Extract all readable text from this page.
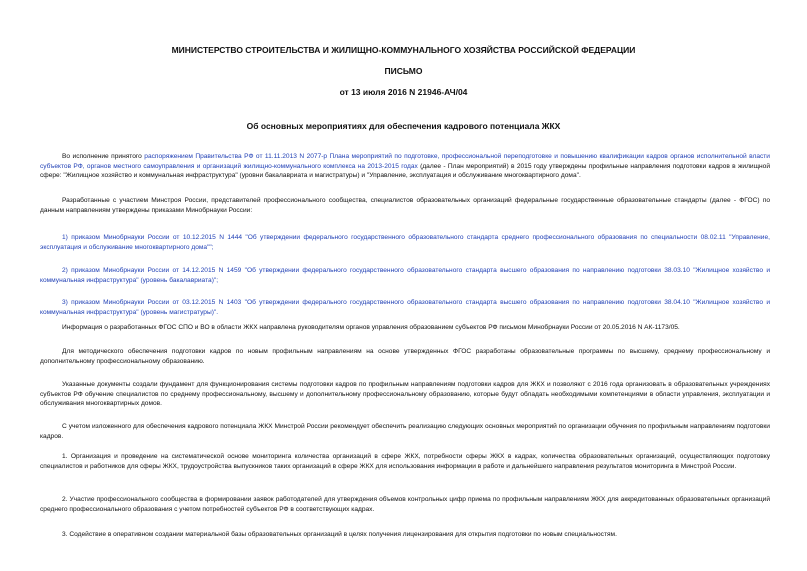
МИНИСТЕРСТВО СТРОИТЕЛЬСТВА И ЖИЛИЩНО-КОММУНАЛЬНОГО ХОЗЯЙСТВА РОССИЙСКОЙ ФЕДЕРАЦИИ
ПИСЬМО
от 13 июля 2016 N 21946-АЧ/04
Об основных мероприятиях для обеспечения кадрового потенциала ЖКХ
Во исполнение принятого распоряжением Правительства РФ от 11.11.2013 N 2077-р Плана мероприятий по подготовке, профессиональной переподготовке и повышению квалификации кадров органов исполнительной власти субъектов РФ, органов местного самоуправления и организаций жилищно-коммунального комплекса на 2013-2015 годах (далее - План мероприятий) в 2015 году утверждены профильные направления подготовки кадров в жилищной сфере: "Жилищное хозяйство и коммунальная инфраструктура" (уровни бакалавриата и магистратуры) и "Управление, эксплуатация и обслуживание многоквартирного дома".
Разработанные с участием Минстроя России, представителей профессионального сообщества, специалистов образовательных организаций федеральные государственные образовательные стандарты (далее - ФГОС) по данным направлениям утверждены приказами Минобрнауки России:
1) приказом Минобрнауки России от 10.12.2015 N 1444 "Об утверждении федерального государственного образовательного стандарта среднего профессионального образования по специальности 08.02.11 "Управление, эксплуатация и обслуживание многоквартирного дома"";
2) приказом Минобрнауки России от 14.12.2015 N 1459 "Об утверждении федерального государственного образовательного стандарта высшего образования по направлению подготовки 38.03.10 "Жилищное хозяйство и коммунальная инфраструктура" (уровень бакалавриата)";
3) приказом Минобрнауки России от 03.12.2015 N 1403 "Об утверждении федерального государственного образовательного стандарта высшего образования по направлению подготовки 38.04.10 "Жилищное хозяйство и коммунальная инфраструктура" (уровень магистратуры)".
Информация о разработанных ФГОС СПО и ВО в области ЖКХ направлена руководителям органов управления образованием субъектов РФ письмом Минобрнауки России от 20.05.2016 N АК-1173/05.
Для методического обеспечения подготовки кадров по новым профильным направлениям на основе утвержденных ФГОС разработаны образовательные программы по высшему, среднему профессиональному и дополнительному профессиональному образованию.
Указанные документы создали фундамент для функционирования системы подготовки кадров по профильным направлениям подготовки кадров для ЖКХ и позволяют с 2016 года организовать в образовательных учреждениях субъектов РФ обучение специалистов по среднему профессиональному, высшему и дополнительному профессиональному образованию, которые будут обладать необходимыми компетенциями в области управления, эксплуатации и обслуживания многоквартирных домов.
С учетом изложенного для обеспечения кадрового потенциала ЖКХ Минстрой России рекомендует обеспечить реализацию следующих основных мероприятий по организации обучения по профильным направлениям подготовки кадров.
1. Организация и проведение на систематической основе мониторинга количества организаций в сфере ЖКХ, потребности сферы ЖКХ в кадрах, количества образовательных организаций, осуществляющих подготовку специалистов и работников для сферы ЖКХ, трудоустройства выпускников таких организаций в сфере ЖКХ для использования информации в работе и дальнейшего направления результатов мониторинга в Минстрой России.
2. Участие профессионального сообщества в формировании заявок работодателей для утверждения объемов контрольных цифр приема по профильным направлениям ЖКХ для аккредитованных образовательных организаций среднего профессионального образования с учетом потребностей субъектов РФ в соответствующих кадрах.
3. Содействие в оперативном создании материальной базы образовательных организаций в целях получения лицензирования для открытия подготовки по новым специальностям.
